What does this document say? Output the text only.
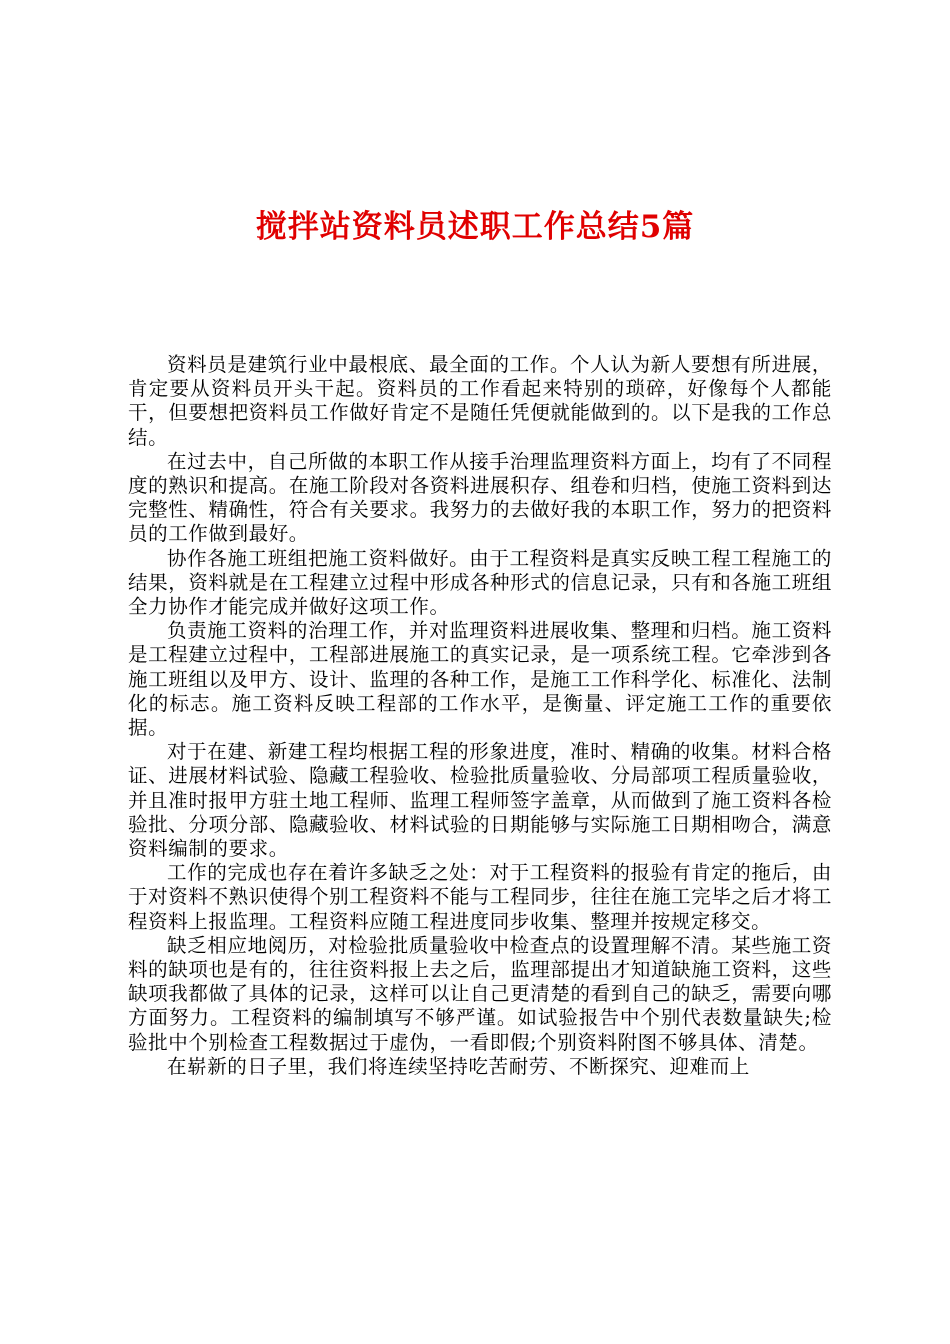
搅拌站资料员述职工作总结5篇

资料员是建筑行业中最根底、最全面的工作。个人认为新人要想有所进展，肯定要从资料员开头干起。资料员的工作看起来特别的琐碎，好像每个人都能干，但要想把资料员工作做好肯定不是随任凭便就能做到的。以下是我的工作总结。

在过去中，自己所做的本职工作从接手治理监理资料方面上，均有了不同程度的熟识和提高。在施工阶段对各资料进展积存、组卷和归档，使施工资料到达完整性、精确性，符合有关要求。我努力的去做好我的本职工作，努力的把资料员的工作做到最好。

协作各施工班组把施工资料做好。由于工程资料是真实反映工程工程施工的结果，资料就是在工程建立过程中形成各种形式的信息记录，只有和各施工班组全力协作才能完成并做好这项工作。

负责施工资料的治理工作，并对监理资料进展收集、整理和归档。施工资料是工程建立过程中，工程部进展施工的真实记录，是一项系统工程。它牵涉到各施工班组以及甲方、设计、监理的各种工作，是施工工作科学化、标准化、法制化的标志。施工资料反映工程部的工作水平，是衡量、评定施工工作的重要依据。

对于在建、新建工程均根据工程的形象进度，准时、精确的收集。材料合格证、进展材料试验、隐藏工程验收、检验批质量验收、分局部项工程质量验收，并且准时报甲方驻土地工程师、监理工程师签字盖章，从而做到了施工资料各检验批、分项分部、隐藏验收、材料试验的日期能够与实际施工日期相吻合，满意资料编制的要求。

工作的完成也存在着许多缺乏之处：对于工程资料的报验有肯定的拖后，由于对资料不熟识使得个别工程资料不能与工程同步，往往在施工完毕之后才将工程资料上报监理。工程资料应随工程进度同步收集、整理并按规定移交。

缺乏相应地阅历，对检验批质量验收中检查点的设置理解不清。某些施工资料的缺项也是有的，往往资料报上去之后，监理部提出才知道缺施工资料，这些缺项我都做了具体的记录，这样可以让自己更清楚的看到自己的缺乏，需要向哪方面努力。工程资料的编制填写不够严谨。如试验报告中个别代表数量缺失;检验批中个别检查工程数据过于虚伪，一看即假;个别资料附图不够具体、清楚。

在崭新的日子里，我们将连续坚持吃苦耐劳、不断探究、迎难而上
